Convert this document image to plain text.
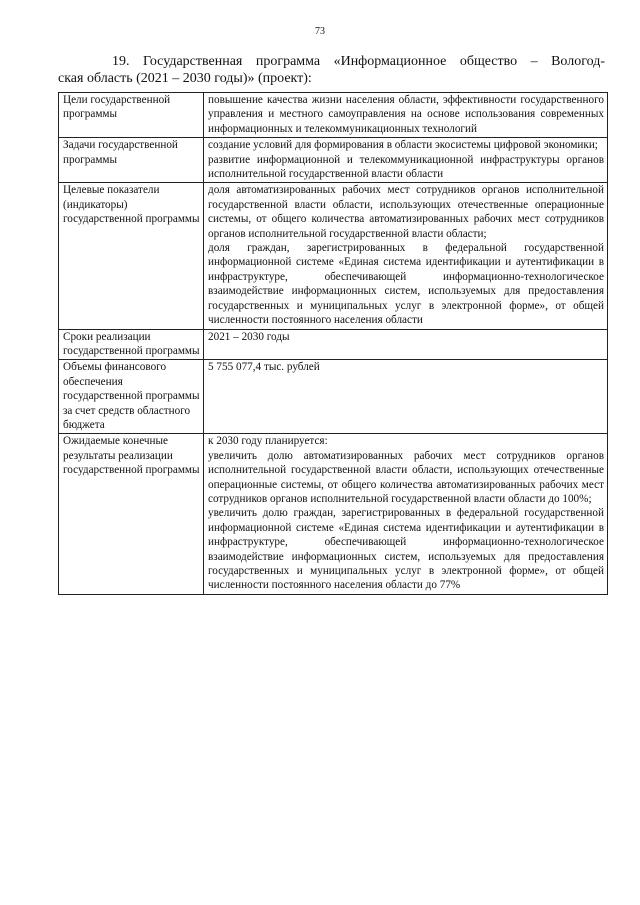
73
19. Государственная программа «Информационное общество – Вологод-
ская область (2021 – 2030 годы)» (проект):
Цели государственной программы	повышение качества жизни населения области, эффективности государственного управления и местного самоуправления на основе использования современных информационных и телекоммуникационных технологий

Задачи государственной программы	создание условий для формирования в области экосистемы цифровой экономики;
развитие информационной и телекоммуникационной инфраструктуры органов исполнительной государственной власти области

Целевые показатели (индикаторы) государственной программы	доля автоматизированных рабочих мест сотрудников органов исполнительной государственной власти области, использующих отечественные операционные системы, от общего количества автоматизированных рабочих мест сотрудников органов исполнительной государственной власти области;
доля граждан, зарегистрированных в федеральной государственной информационной системе «Единая система идентификации и аутентификации в инфраструктуре, обеспечивающей информационно-технологическое взаимодействие информационных систем, используемых для предоставления государственных и муниципальных услуг в электронной форме», от общей численности постоянного населения области

Сроки реализации государственной программы	2021 – 2030 годы

Объемы финансового обеспечения государственной программы за счет средств областного бюджета	5 755 077,4 тыс. рублей

Ожидаемые конечные результаты реализации государственной программы	к 2030 году планируется:
увеличить долю автоматизированных рабочих мест сотрудников органов исполнительной государственной власти области, использующих отечественные операционные системы, от общего количества автоматизированных рабочих мест сотрудников органов исполнительной государственной власти области до 100%;
увеличить долю граждан, зарегистрированных в федеральной государственной информационной системе «Единая система идентификации и аутентификации в инфраструктуре, обеспечивающей информационно-технологическое взаимодействие информационных систем, используемых для предоставления государственных и муниципальных услуг в электронной форме», от общей численности постоянного населения области до 77%
